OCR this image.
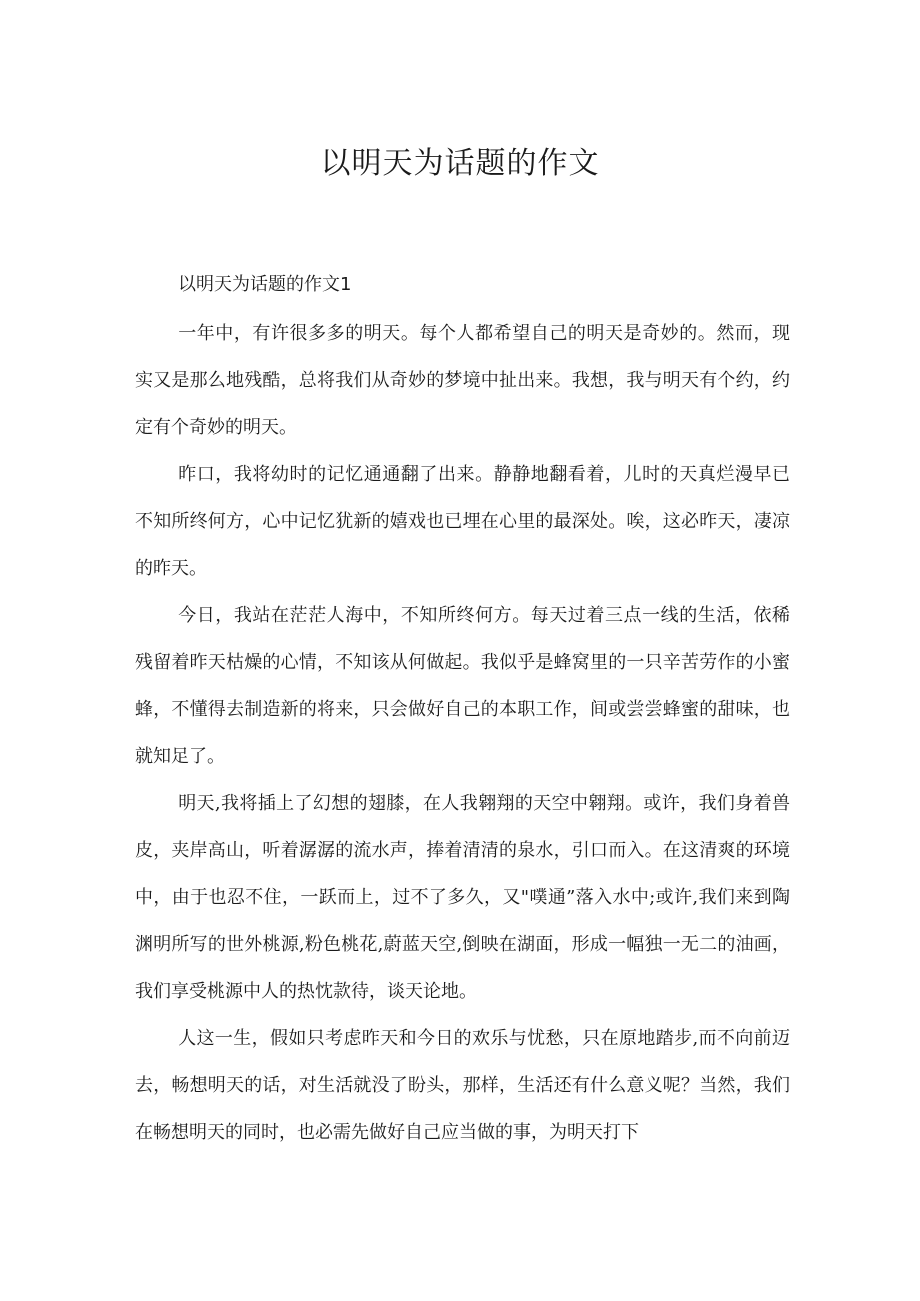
以明天为话题的作文
以明天为话题的作文1

一年中，有许很多多的明天。每个人都希望自己的明天是奇妙的。然而，现实又是那么地残酷，总将我们从奇妙的梦境中扯出来。我想，我与明天有个约，约定有个奇妙的明天。

昨口，我将幼时的记忆通通翻了出来。静静地翻看着，儿时的天真烂漫早已不知所终何方，心中记忆犹新的嬉戏也已埋在心里的最深处。唉，这必昨天，凄凉的昨天。

今日，我站在茫茫人海中，不知所终何方。每天过着三点一线的生活，依稀残留着昨天枯燥的心情，不知该从何做起。我似乎是蜂窝里的一只辛苦劳作的小蜜蜂，不懂得去制造新的将来，只会做好自己的本职工作，间或尝尝蜂蜜的甜味，也就知足了。

明天,我将插上了幻想的翅膝，在人我翱翔的天空中翱翔。或许，我们身着兽皮，夹岸高山，听着潺潺的流水声，捧着清清的泉水，引口而入。在这清爽的环境中，由于也忍不住，一跃而上，过不了多久，又"噗通”落入水中;或许,我们来到陶渊明所写的世外桃源,粉色桃花,蔚蓝天空,倒映在湖面，形成一幅独一无二的油画，我们享受桃源中人的热忱款待，谈天论地。

人这一生，假如只考虑昨天和今日的欢乐与忧愁，只在原地踏步,而不向前迈去，畅想明天的话，对生活就没了盼头，那样，生活还有什么意义呢？当然，我们在畅想明天的同时，也必需先做好自己应当做的事，为明天打下
